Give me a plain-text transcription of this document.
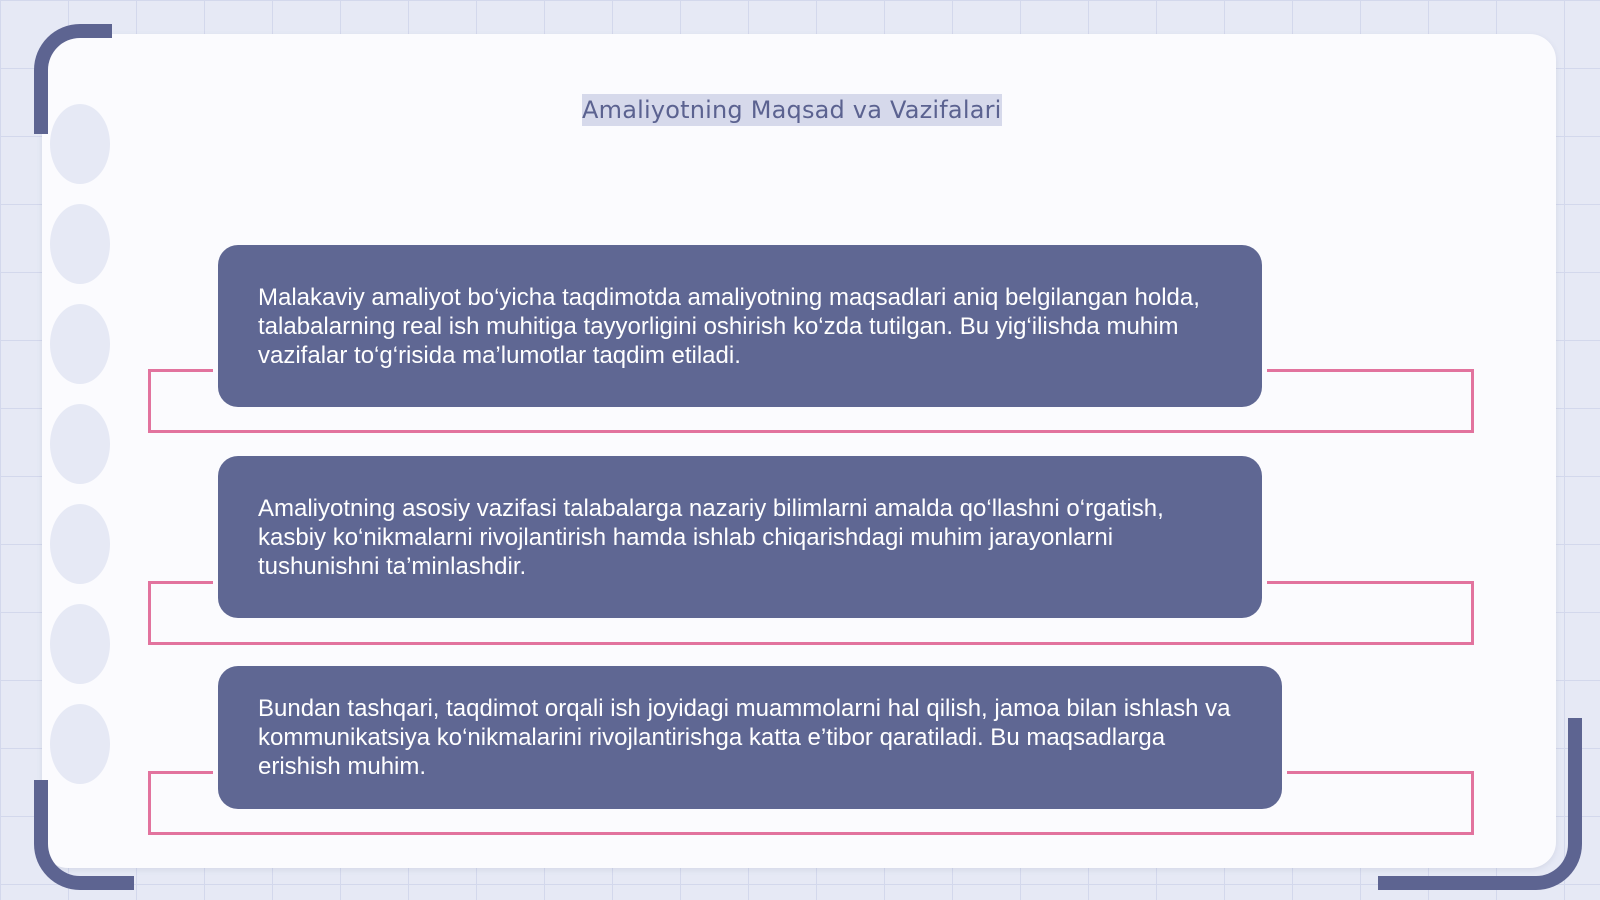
Amaliyotning Maqsad va Vazifalari
Malakaviy amaliyot bo‘yicha taqdimotda amaliyotning maqsadlari aniq belgilangan holda, talabalarning real ish muhitiga tayyorligini oshirish ko‘zda tutilgan. Bu yig‘ilishda muhim vazifalar to‘g‘risida ma’lumotlar taqdim etiladi.
Amaliyotning asosiy vazifasi talabalarga nazariy bilimlarni amalda qo‘llashni o‘rgatish, kasbiy ko‘nikmalarni rivojlantirish hamda ishlab chiqarishdagi muhim jarayonlarni tushunishni ta’minlashdir.
Bundan tashqari, taqdimot orqali ish joyidagi muammolarni hal qilish, jamoa bilan ishlash va kommunikatsiya ko‘nikmalarini rivojlantirishga katta e’tibor qaratiladi. Bu maqsadlarga erishish muhim.
